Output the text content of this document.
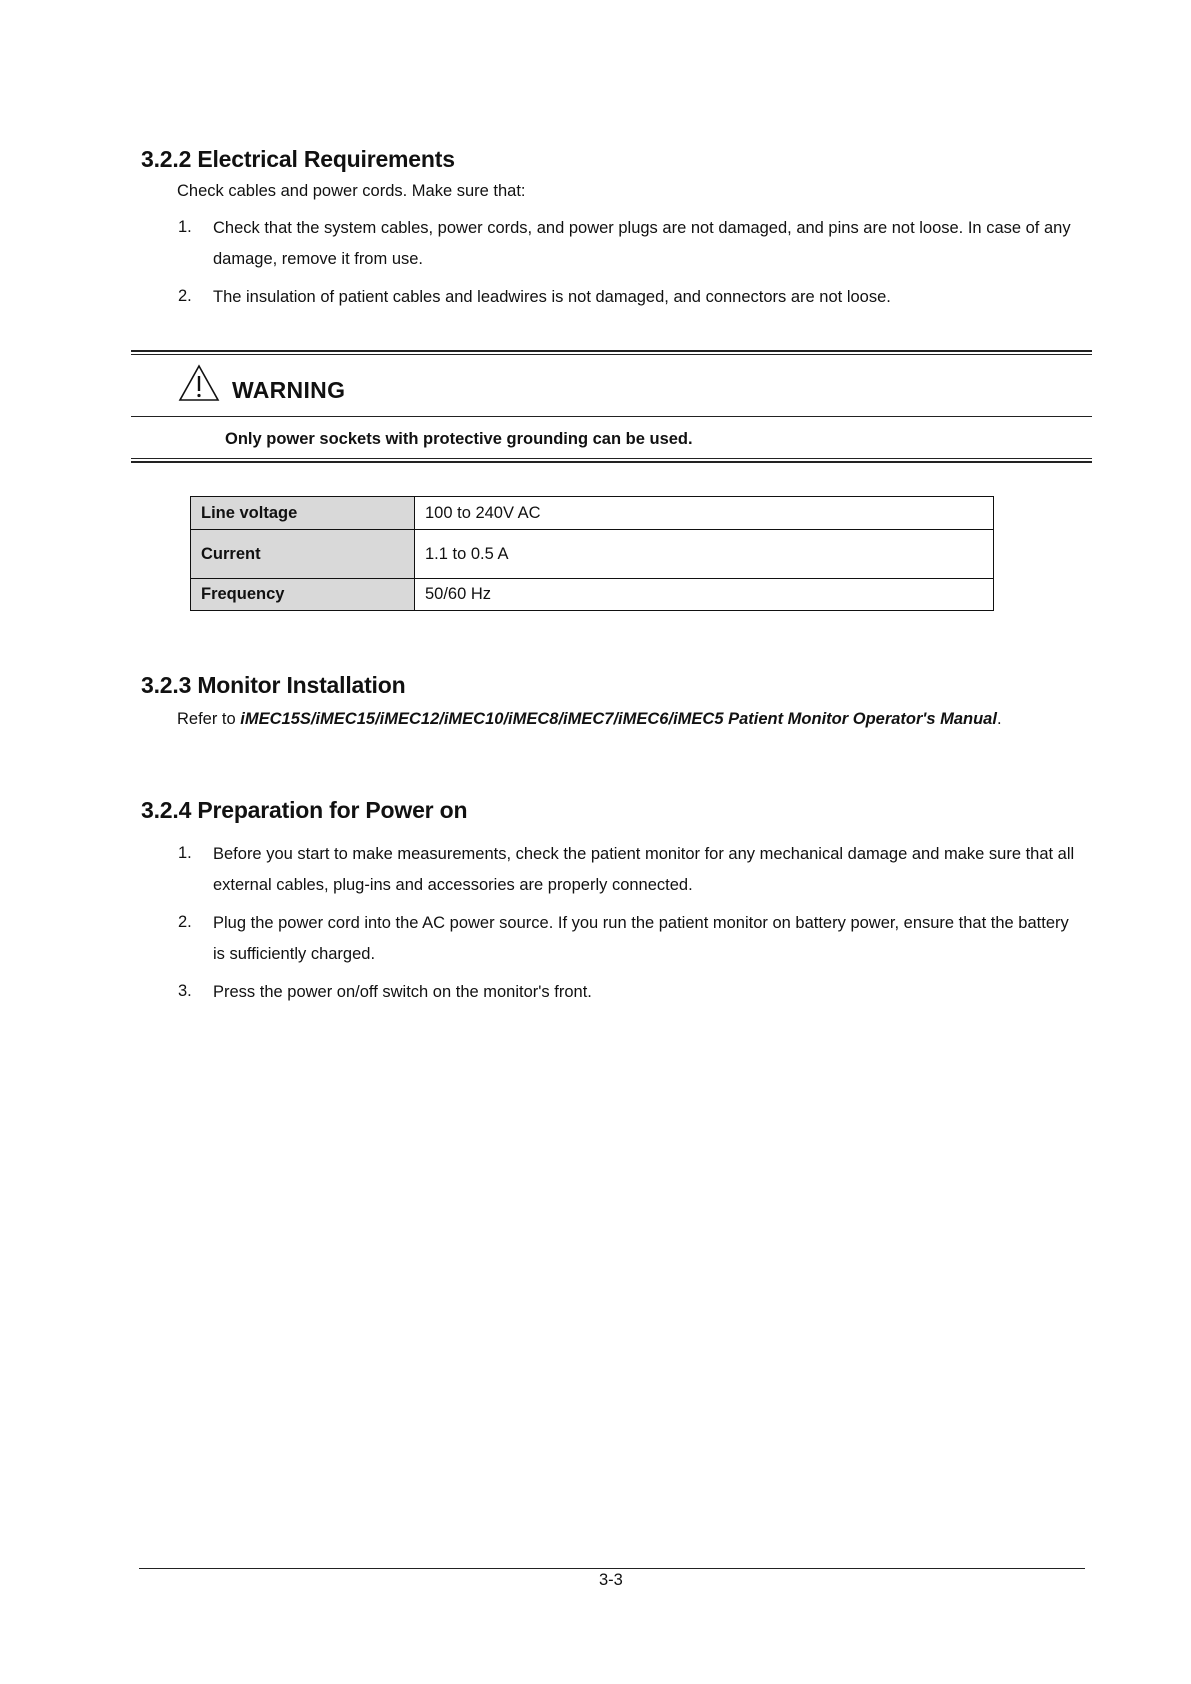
3.2.2 Electrical Requirements
Check cables and power cords. Make sure that:
1. Check that the system cables, power cords, and power plugs are not damaged, and pins are not loose. In case of any damage, remove it from use.
2. The insulation of patient cables and leadwires is not damaged, and connectors are not loose.
WARNING
Only power sockets with protective grounding can be used.
Line voltage	100 to 240V AC
Current	1.1 to 0.5 A
Frequency	50/60 Hz
3.2.3 Monitor Installation
Refer to iMEC15S/iMEC15/iMEC12/iMEC10/iMEC8/iMEC7/iMEC6/iMEC5 Patient Monitor Operator's Manual.
3.2.4 Preparation for Power on
1. Before you start to make measurements, check the patient monitor for any mechanical damage and make sure that all external cables, plug-ins and accessories are properly connected.
2. Plug the power cord into the AC power source. If you run the patient monitor on battery power, ensure that the battery is sufficiently charged.
3. Press the power on/off switch on the monitor's front.
3-3
